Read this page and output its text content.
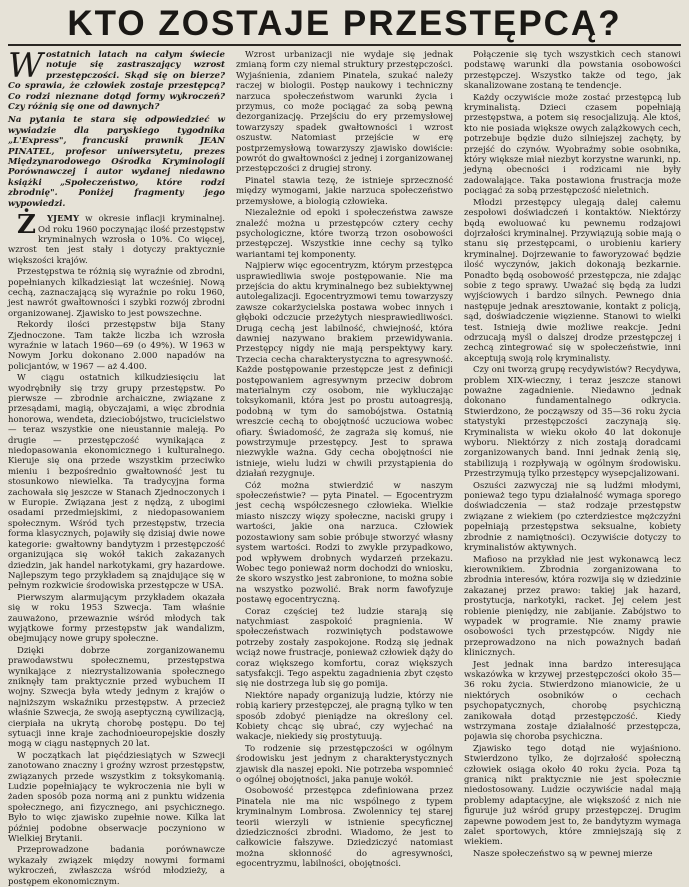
KTO ZOSTAJE PRZESTĘPCĄ?

Wostatnich latach na całym świecie notuje się zastraszający wzrost przestępczości. Skąd się on bierze? Co sprawia, że człowiek zostaje przestępcą? Co rodzi nieznane dotąd formy wykroczeń? Czy różnią się one od dawnych?

Na pytania te stara się odpowiedzieć w wywiadzie dla paryskiego tygodnika „L'Express", francuski prawnik JEAN PINATEL, profesor uniwersytetu, prezes Międzynarodowego Ośrodka Kryminologii Porównawczej i autor wydanej niedawno książki „Społeczeństwo, które rodzi zbrodnię". Poniżej fragmenty jego wypowiedzi.

Ż YJEMY w okresie inflacji kryminalnej. Od roku 1960 poczynając ilość przestępstw kryminalnych wzrosła o 10%. Co więcej, wzrost ten jest stały i dotyczy praktycznie większości krajów.

Przestępstwa te różnią się wyraźnie od zbrodni, popełnianych kilkadziesiąt lat wcześniej. Nową cechą, zaznaczającą się wyraźnie po roku 1960, jest nawrót gwałtowności i szybki rozwój zbrodni organizowanej. Zjawisko to jest powszechne.

Rekordy ilości przestępstw bija Stany Zjednoczone. Tam także liczba ich wzrosła wyraźnie w latach 1960—69 (o 49%). W 1963 w Nowym Jorku dokonano 2.000 napadów na policjantów, w 1967 — aż 4.400.

W ciągu ostatnich kilkudziesięciu lat wyodrębniły się trzy grupy przestępstw. Po pierwsze — zbrodnie archaiczne, związane z przesądami, magią, obyczajami, a więc zbrodnia honorowa, wendeta, dzieciobójstwo, trucicielstwo — teraz wszystkie one nieustannie maleją. Po drugie — przestępczość wynikająca z niedopasowania ekonomicznego i kulturalnego. Kieruje się ona przede wszystkim przeciwko mieniu i bezpośrednio gwałtowność jest tu stosunkowo niewielka. Ta tradycyjna forma zachowała się jeszcze w Stanach Zjednoczonych i w Europie. Związana jest z nędzą, z ubogimi osadami przedmiejskimi, z niedopasowaniem społecznym. Wśród tych przestępstw, trzecia forma klasycznych, pojawiły się dzisiaj dwie nowe kategorie: gwałtowny bandytyzm i przestępczość organizująca się wokół takich zakazanych dziedzin, jak handel narkotykami, gry hazardowe. Najlepszym tego przykładem są znajdujące się w pełnym rozkwicie środowiska przestępcze w USA.

Pierwszym alarmującym przykładem okazała się w roku 1953 Szwecja. Tam właśnie zauważono, przewaznie wśród młodych tak wyjątkowe formy przestępstw jak wandalizm, obejmujący nowe grupy społeczne.

Dzięki dobrze zorganizowanemu prawodawstwu społecznemu, przestępstwa wynikające z niezrystalizowania społecznego zniknęły tam praktycznie przed wybuchem II wojny. Szwecja była wtedy jednym z krajów o najniższym wskaźniku przestępstw. A przecież właśnie Szwecja, że swoją aseptyczną cywilizacją, cierpiała na ukrytą chorobę postępu. Do tej sytuacji inne kraje zachodnioeuropejskie doszły mogą w ciągu następnych 20 lat.

W początkach lat pięćdziesiątych w Szwecji zanotowano znaczny i groźny wzrost przestępstw, związanych przede wszystkim z toksykomanią. Ludzie popełniający te wykroczenia nie byli w żaden sposób poza normą ani z punktu widzenia społecznego, ani fizycznego, ani psychicznego. Było to więc zjawisko zupełnie nowe. Kilka lat później podobne obserwacje poczyniono w Wielkiej Brytanii.

Przeprowadzone badania porównawcze wykazały związek między nowymi formami wykroczeń, zwłaszcza wśród młodzieży, a postępem ekonomicznym.

Wzrost urbanizacji nie wydaje się jednak zmianą form czy niemal struktury przestępczości. Wyjaśnienia, zdaniem Pinatela, szukać należy raczej w biologii. Postęp naukowy i techniczny narzuca społeczeństwom warunki życia i przymus, co może pociągać za sobą pewną dezorganizację. Przejściu do ery przemysłowej towarzyszy spadek gwałtowności i wzrost oszustw. Natomiast przejście w erę postprzemysłową towarzyszy zjawisko dowiście: powrót do gwałtowności z jednej i zorganizowanej przestępczości z drugiej strony.

Pinatel stawia tezę, że istnieje sprzeczność między wymogami, jakie narzuca społeczeństwo przemysłowe, a biologią człowieka.

Niezależnie od epoki i społeczeństwa zawsze znaleźć można u przestępców cztery cechy psychologiczne, które tworzą trzon osobowości przestępczej. Wszystkie inne cechy są tylko wariantami tej komponenty.

Najpierw więc egocentryzm, którym przestępca usprawiedliwia swoje postępowanie. Nie ma przejścia do aktu kryminalnego bez subiektywnej autolegalizacji. Egocentryzmowi temu towarzyszy zawsze cokarżycielska postawa wobec innych i głęboki odczucie przeżytych niesprawiedliwości. Drugą cechą jest labilność, chwiejność, która dawniej nazywano brakiem przewidywania. Przestępcy nigdy nie mają perspektywy kary. Trzecia cecha charakterystyczna to agresywność. Każde postępowanie przestępcze jest z definicji postępowaniem agresywnym przeciw dobrom materialnym czy osobom, nie wykluczając toksykomanii, która jest po prostu autoagresją, podobną w tym do samobójstwa. Ostatnią wreszcie cechą to obojętność uczuciowa wobec ofiary. Świadomość, że zagraża się komuś, nie powstrzymuje przestępcy. Jest to sprawa niezwykle ważna. Gdy cecha obojętności nie istnieje, wielu ludzi w chwili przystąpienia do działań rezygnuje.

Cóż można stwierdzić w naszym społeczeństwie? — pyta Pinatel. — Egocentryzm jest cechą współczesnego człowieka. Wielkie miasto niszczy więzy społeczne, naciski grupy i wartości, jakie ona narzuca. Człowiek pozostawiony sam sobie próbuje stworzyć własny system wartości. Rodzi to zwykle przypadkowo, pod wpływem drobnych wydarzeń przekazu. Wobec tego ponieważ norm dochodzi do wniosku, że skoro wszystko jest zabronione, to można sobie na wszystko pozwolić. Brak norm fawofyzuje postawę egocentryczną.

Coraz częściej też ludzie starają się natychmiast zaspokoić pragnienia. W społeczeństwach rozwiniętych podstawowe potrzeby zostały zaspokojone. Rodzą się jednak wciąż nowe frustracje, ponieważ człowiek dąży do coraz większego komfortu, coraz większych satysfakcji. Tego aspektu zagadnienia zbyt często się nie dostrzega lub się go pomija.

Niektóre napady organizują ludzie, którzy nie robią kariery przestępczej, ale pragną tylko w ten sposób zdobyć pieniądze na określony cel. Kobiety chcąc się ubrać, czy wyjechać na wakacje, niekiedy się prostytuują.

To rodzenie się przestępczości w ogólnym środowisku jest jednym z charakterystycznych zjawisk dla naszej epoki. Nie potrzeba wspomnieć o ogólnej obojętności, jaka panuje wokół.

Osobowość przestępca zdefiniowana przez Pinatela nie ma nic wspólnego z typem kryminalnym Lombrosa. Zwolennicy tej starej teorii wierzyli w istnienie specyficznej dziedziczności zbrodni. Wiadomo, że jest to całkowicie fałszywe. Dziedziczyć natomiast można skłonność do agresywności, egocentryzmu, labilności, obojętności.

Połączenie się tych wszystkich cech stanowi podstawę warunki dla powstania osobowości przestępczej. Wszystko także od tego, jak skanalizowane zostaną te tendencje.

Każdy oczywiście może zostać przestępcą lub kryminalistą. Dzieci czasem popełniają przestępstwa, a potem się resocjalizują. Ale ktoś, kto nie posiada większe owych zalążkowych cech, potrzebuje będzie dużo silniejszej zachęty, by przejść do czynów. Wyobraźmy sobie osobnika, który większe miał niezbyt korzystne warunki, np. jedyną obecności i rodzicami nie były zadowalające. Taka postawiona frustracja może pociągać za sobą przestępczość nieletnich.

Młodzi przestępcy ulegają dalej całemu zespołowi doświadczeń i kontaktów. Niektórzy będą ewoluować ku pewnemu rodzajowi dojrzałości kryminalnej. Przywiązują sobie mają o stanu się przestępcami, o urobieniu kariery kryminalnej. Dojrzewanie to faworyzować będzie ilość wyczynów, jakich dokonają bezkarnie. Ponadto będą osobowość przestępcza, nie zdając sobie z tego sprawy. Uważać się będą za ludzi wyjściowych i bardzo silnych. Pewnego dnia następuje jednak aresztowanie, kontakt z policją, sąd, doświadczenie więzienne. Stanowi to wielki test. Istnieją dwie możliwe reakcje. Jedni odrzucają myśl o dalszej drodze przestępczej i zechcą zintegrować się w społeczeństwie, inni akceptują swoją rolę kryminalisty.

Czy oni tworzą grupę recydywistów? Recydywa, problem XIX-wieczny, i teraz jeszcze stanowi poważne zagadnienie. Niedawno jednak dokonano fundamentalnego odkrycia. Stwierdzono, że począwszy od 35—36 roku życia statystyki przestępczości zaczynają się. Kryminalista w wieku około 40 lat dokonuje wyboru. Niektórzy z nich zostają doradcami zorganizowanych band. Inni jednak żenią się, stabilizują i rozpływają w ogólnym środowisku. Przestrzymują tylko przestępcy wysepcjalizowani.

Oszuści zazwyczaj nie są ludźmi młodymi, ponieważ tego typu działalność wymaga sporego doświadczenia — staż rodzaje przestępstw związane z wiekiem (po czterdziestce mężczyźni popełniają przestępstwa seksualne, kobiety zbrodnie z namiętności). Oczywiście dotyczy to kryminalistów aktywnych.

Mafioso na przykład nie jest wykonawcą lecz kierownikiem. Zbrodnia zorganizowana to zbrodnia interesów, która rozwija się w dziedzinie zakazanej przez prawo: takiej jak hazard, prostytucja, narkotyki, racket. Jej celem jest robienie pieniędzy, nie zabijanie. Zabójstwo to wypadek w programie. Nie znamy prawie osobowości tych przestępców. Nigdy nie przeprowadzono na nich poważnych badań klinicznych.

Jest jednak inna bardzo interesująca wskazówka w krzywej przestępczości około 35—36 roku życia. Stwierdzono mianowicie, że u niektórych osobników o cechach psychopatycznych, chorobę psychiczną zanikowała dotąd przestępczość. Kiedy wstrzymana zostaje działalność przestępcza, pojawia się choroba psychiczna.

Zjawisko tego dotąd nie wyjaśniono. Stwierdzono tylko, że dojrzałość społeczną człowiek osiąga około 40 roku życia. Poza tą granicą nikt praktycznie nie jest społecznie niedostosowany. Ludzie oczywiście nadal mają problemy adaptacyjne, ale większość z nich nie figuruje już wśród grupy przestępczej. Drugim zapewne powodem jest to, że bandytyzm wymaga zalet sportowych, które zmniejszają się z wiekiem.

Nasze społeczeństwo są w pewnej mierze
